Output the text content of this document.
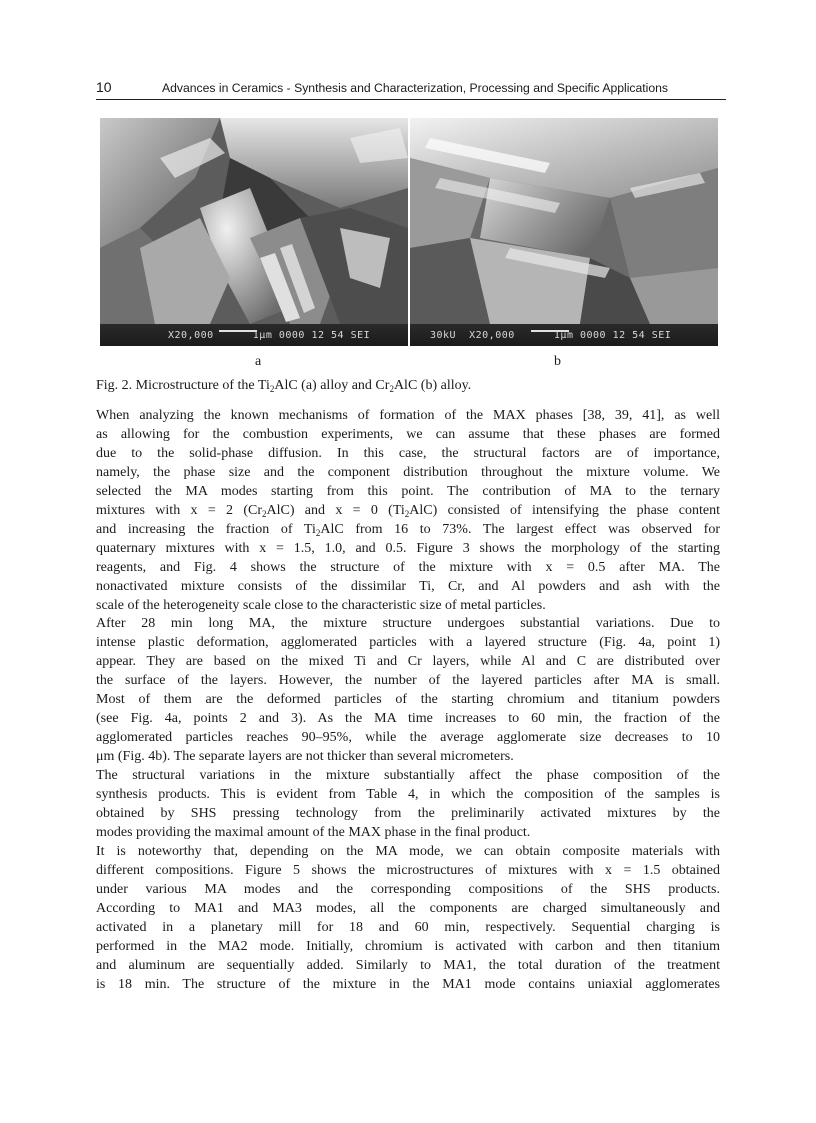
10	Advances in Ceramics - Synthesis and Characterization, Processing and Specific Applications
X20,000	1μm 0000 12 54 SEI	30kU  X20,000	1μm 0000 12 54 SEI
a	b
Fig. 2. Microstructure of the $Ti_2AlC$ (a) alloy and $Cr_2AlC$ (b) alloy.

When analyzing the known mechanisms of formation of the MAX phases [38, 39, 41], as well
as allowing for the combustion experiments, we can assume that these phases are formed
due to the solid-phase diffusion. In this case, the structural factors are of importance,
namely, the phase size and the component distribution throughout the mixture volume. We
selected the MA modes starting from this point. The contribution of MA to the ternary
mixtures with x = 2 $(Cr_2AlC)$ and x = 0 $(Ti_2AlC)$ consisted of intensifying the phase content
and increasing the fraction of $Ti_2AlC$ from 16 to 73%. The largest effect was observed for
quaternary mixtures with x = 1.5, 1.0, and 0.5. Figure 3 shows the morphology of the starting
reagents, and Fig. 4 shows the structure of the mixture with x = 0.5 after MA. The
nonactivated mixture consists of the dissimilar Ti, Cr, and Al powders and ash with the
scale of the heterogeneity scale close to the characteristic size of metal particles.

After 28 min long MA, the mixture structure undergoes substantial variations. Due to
intense plastic deformation, agglomerated particles with a layered structure (Fig. 4a, point 1)
appear. They are based on the mixed Ti and Cr layers, while Al and C are distributed over
the surface of the layers. However, the number of the layered particles after MA is small.
Most of them are the deformed particles of the starting chromium and titanium powders
(see Fig. 4a, points 2 and 3). As the MA time increases to 60 min, the fraction of the
agglomerated particles reaches 90–95%, while the average agglomerate size decreases to 10
μm (Fig. 4b). The separate layers are not thicker than several micrometers.

The structural variations in the mixture substantially affect the phase composition of the
synthesis products. This is evident from Table 4, in which the composition of the samples is
obtained by SHS pressing technology from the preliminarily activated mixtures by the
modes providing the maximal amount of the MAX phase in the final product.

It is noteworthy that, depending on the MA mode, we can obtain composite materials with
different compositions. Figure 5 shows the microstructures of mixtures with x = 1.5 obtained
under various MA modes and the corresponding compositions of the SHS products.
According to MA1 and MA3 modes, all the components are charged simultaneously and
activated in a planetary mill for 18 and 60 min, respectively. Sequential charging is
performed in the MA2 mode. Initially, chromium is activated with carbon and then titanium
and aluminum are sequentially added. Similarly to MA1, the total duration of the treatment
is 18 min. The structure of the mixture in the MA1 mode contains uniaxial agglomerates
